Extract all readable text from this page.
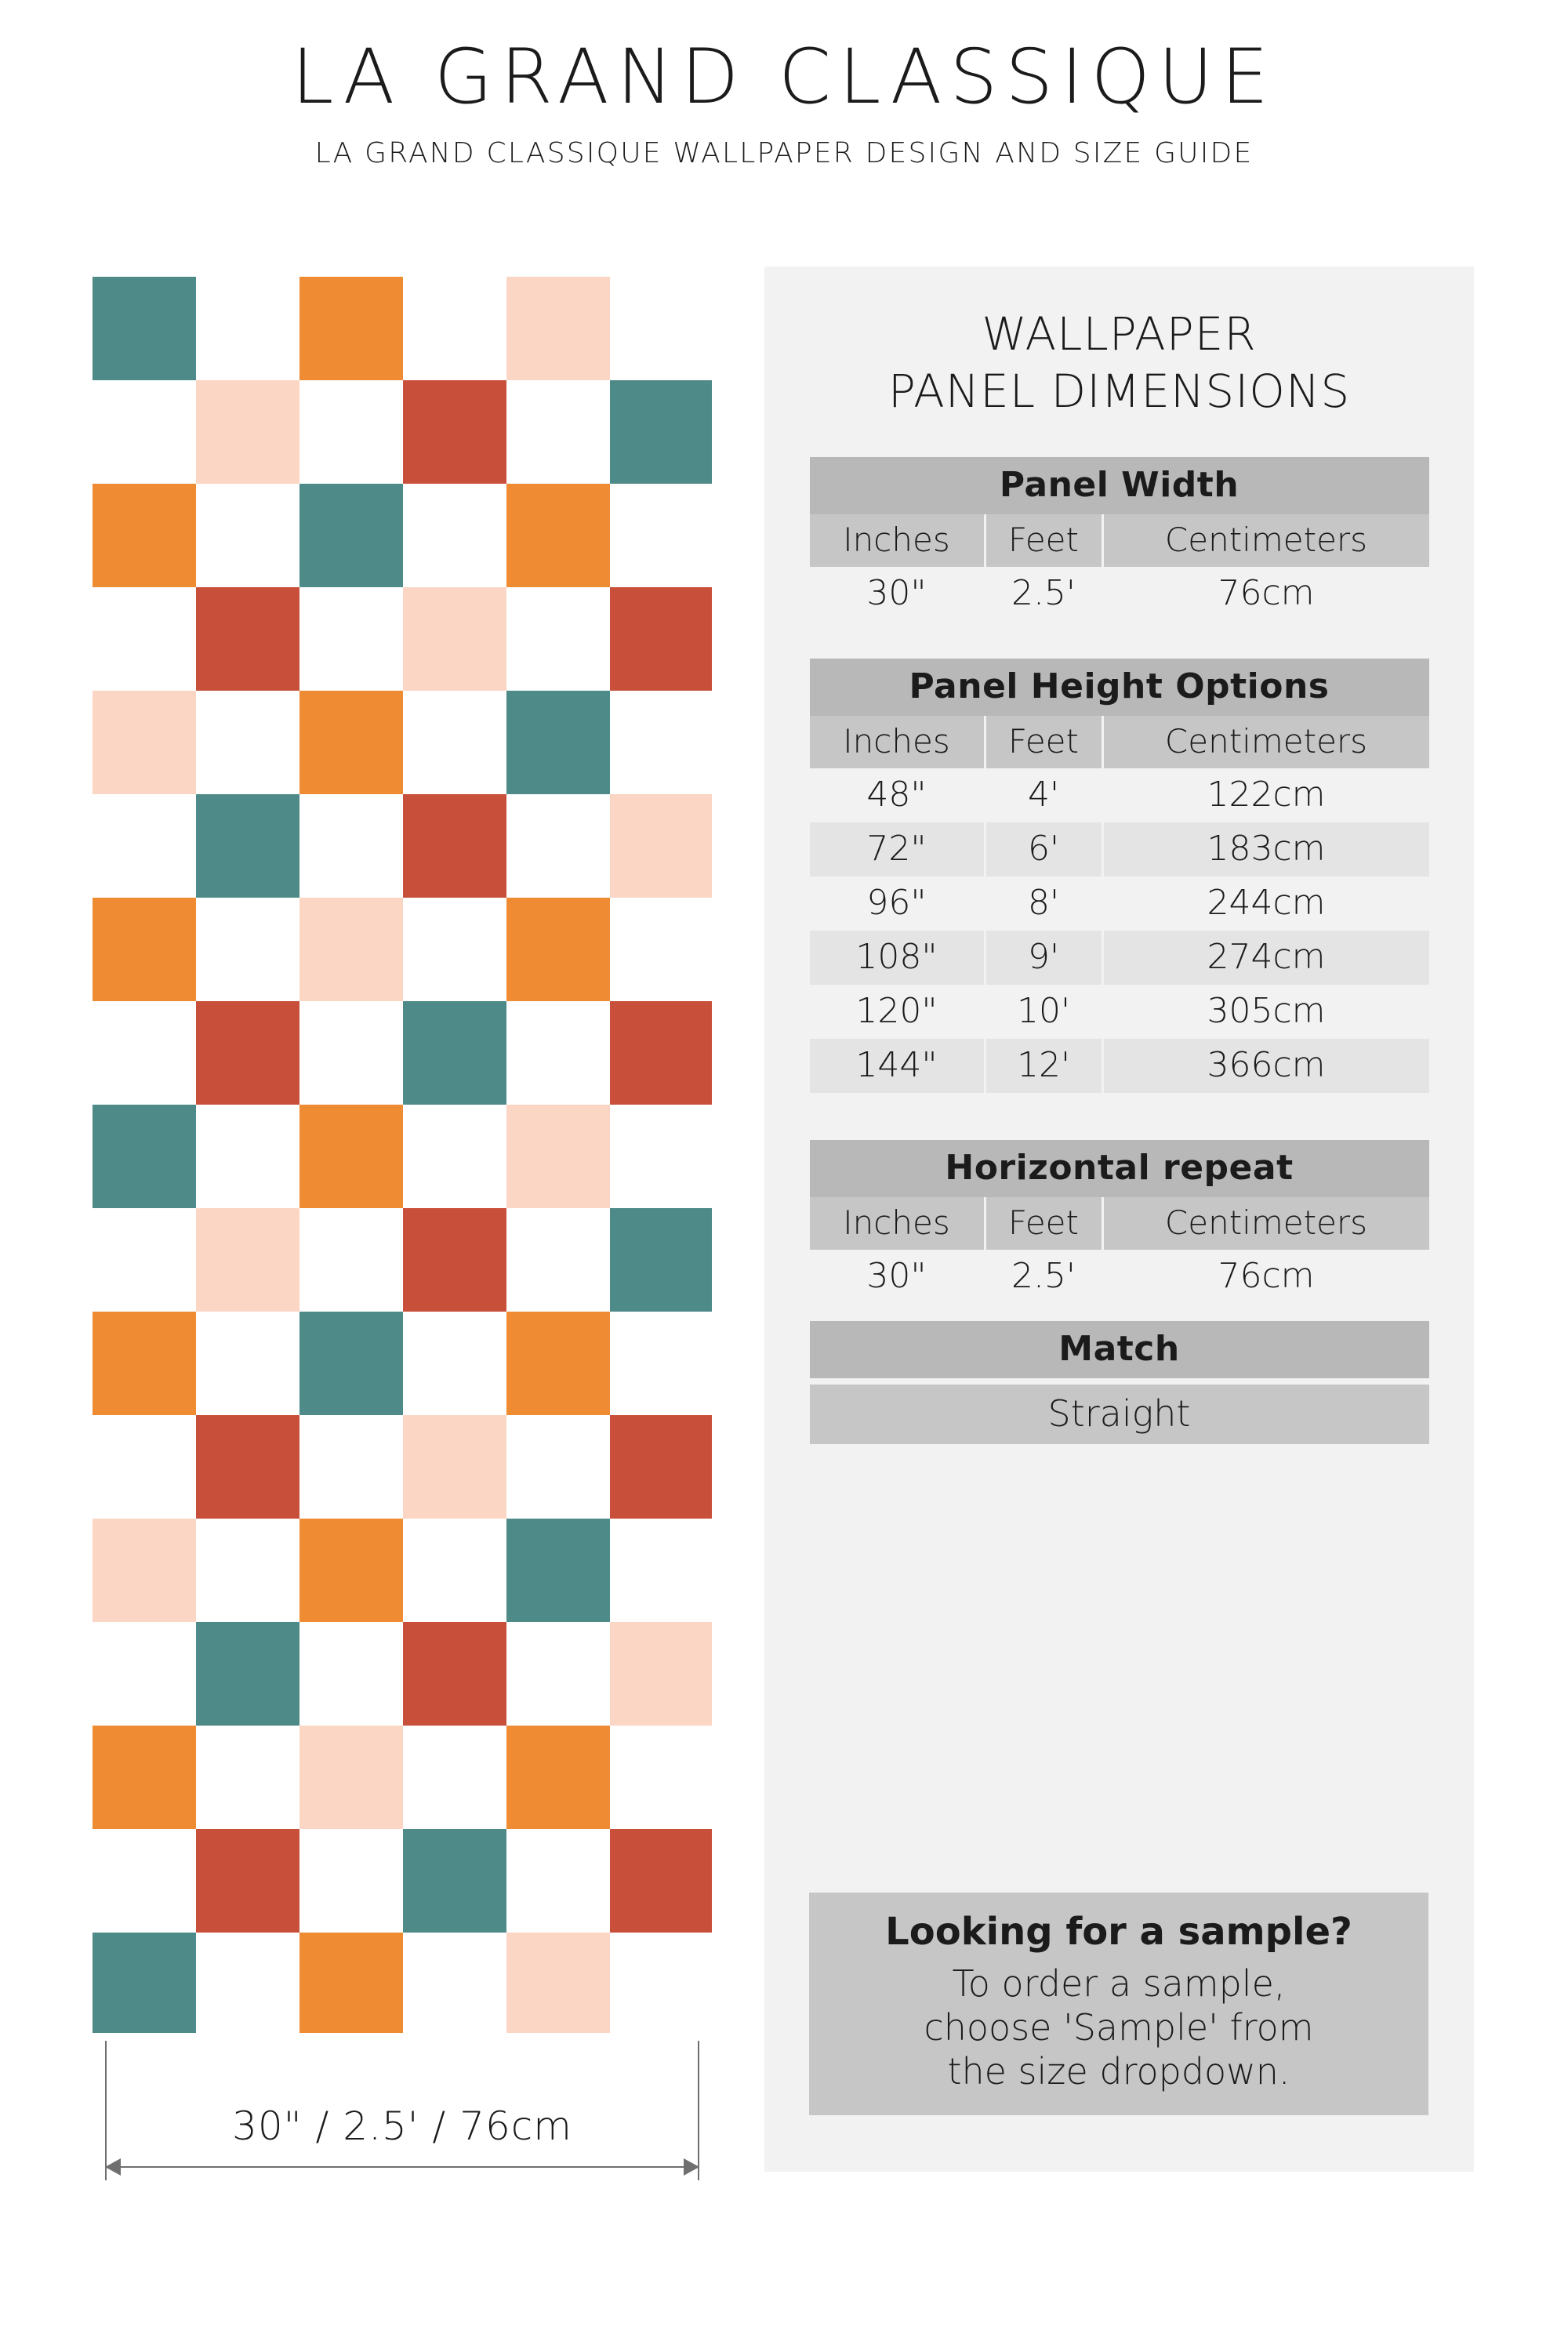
LA GRAND CLASSIQUE
LA GRAND CLASSIQUE WALLPAPER DESIGN AND SIZE GUIDE
30" / 2.5' / 76cm
WALLPAPER
PANEL DIMENSIONS
Panel Width
Inches	Feet	Centimeters
30"	2.5'	76cm
Panel Height Options
Inches	Feet	Centimeters
48"	4'	122cm
72"	6'	183cm
96"	8'	244cm
108"	9'	274cm
120"	10'	305cm
144"	12'	366cm
Horizontal repeat
Inches	Feet	Centimeters
30"	2.5'	76cm
Match
Straight
Looking for a sample?
To order a sample,
choose 'Sample' from
the size dropdown.
